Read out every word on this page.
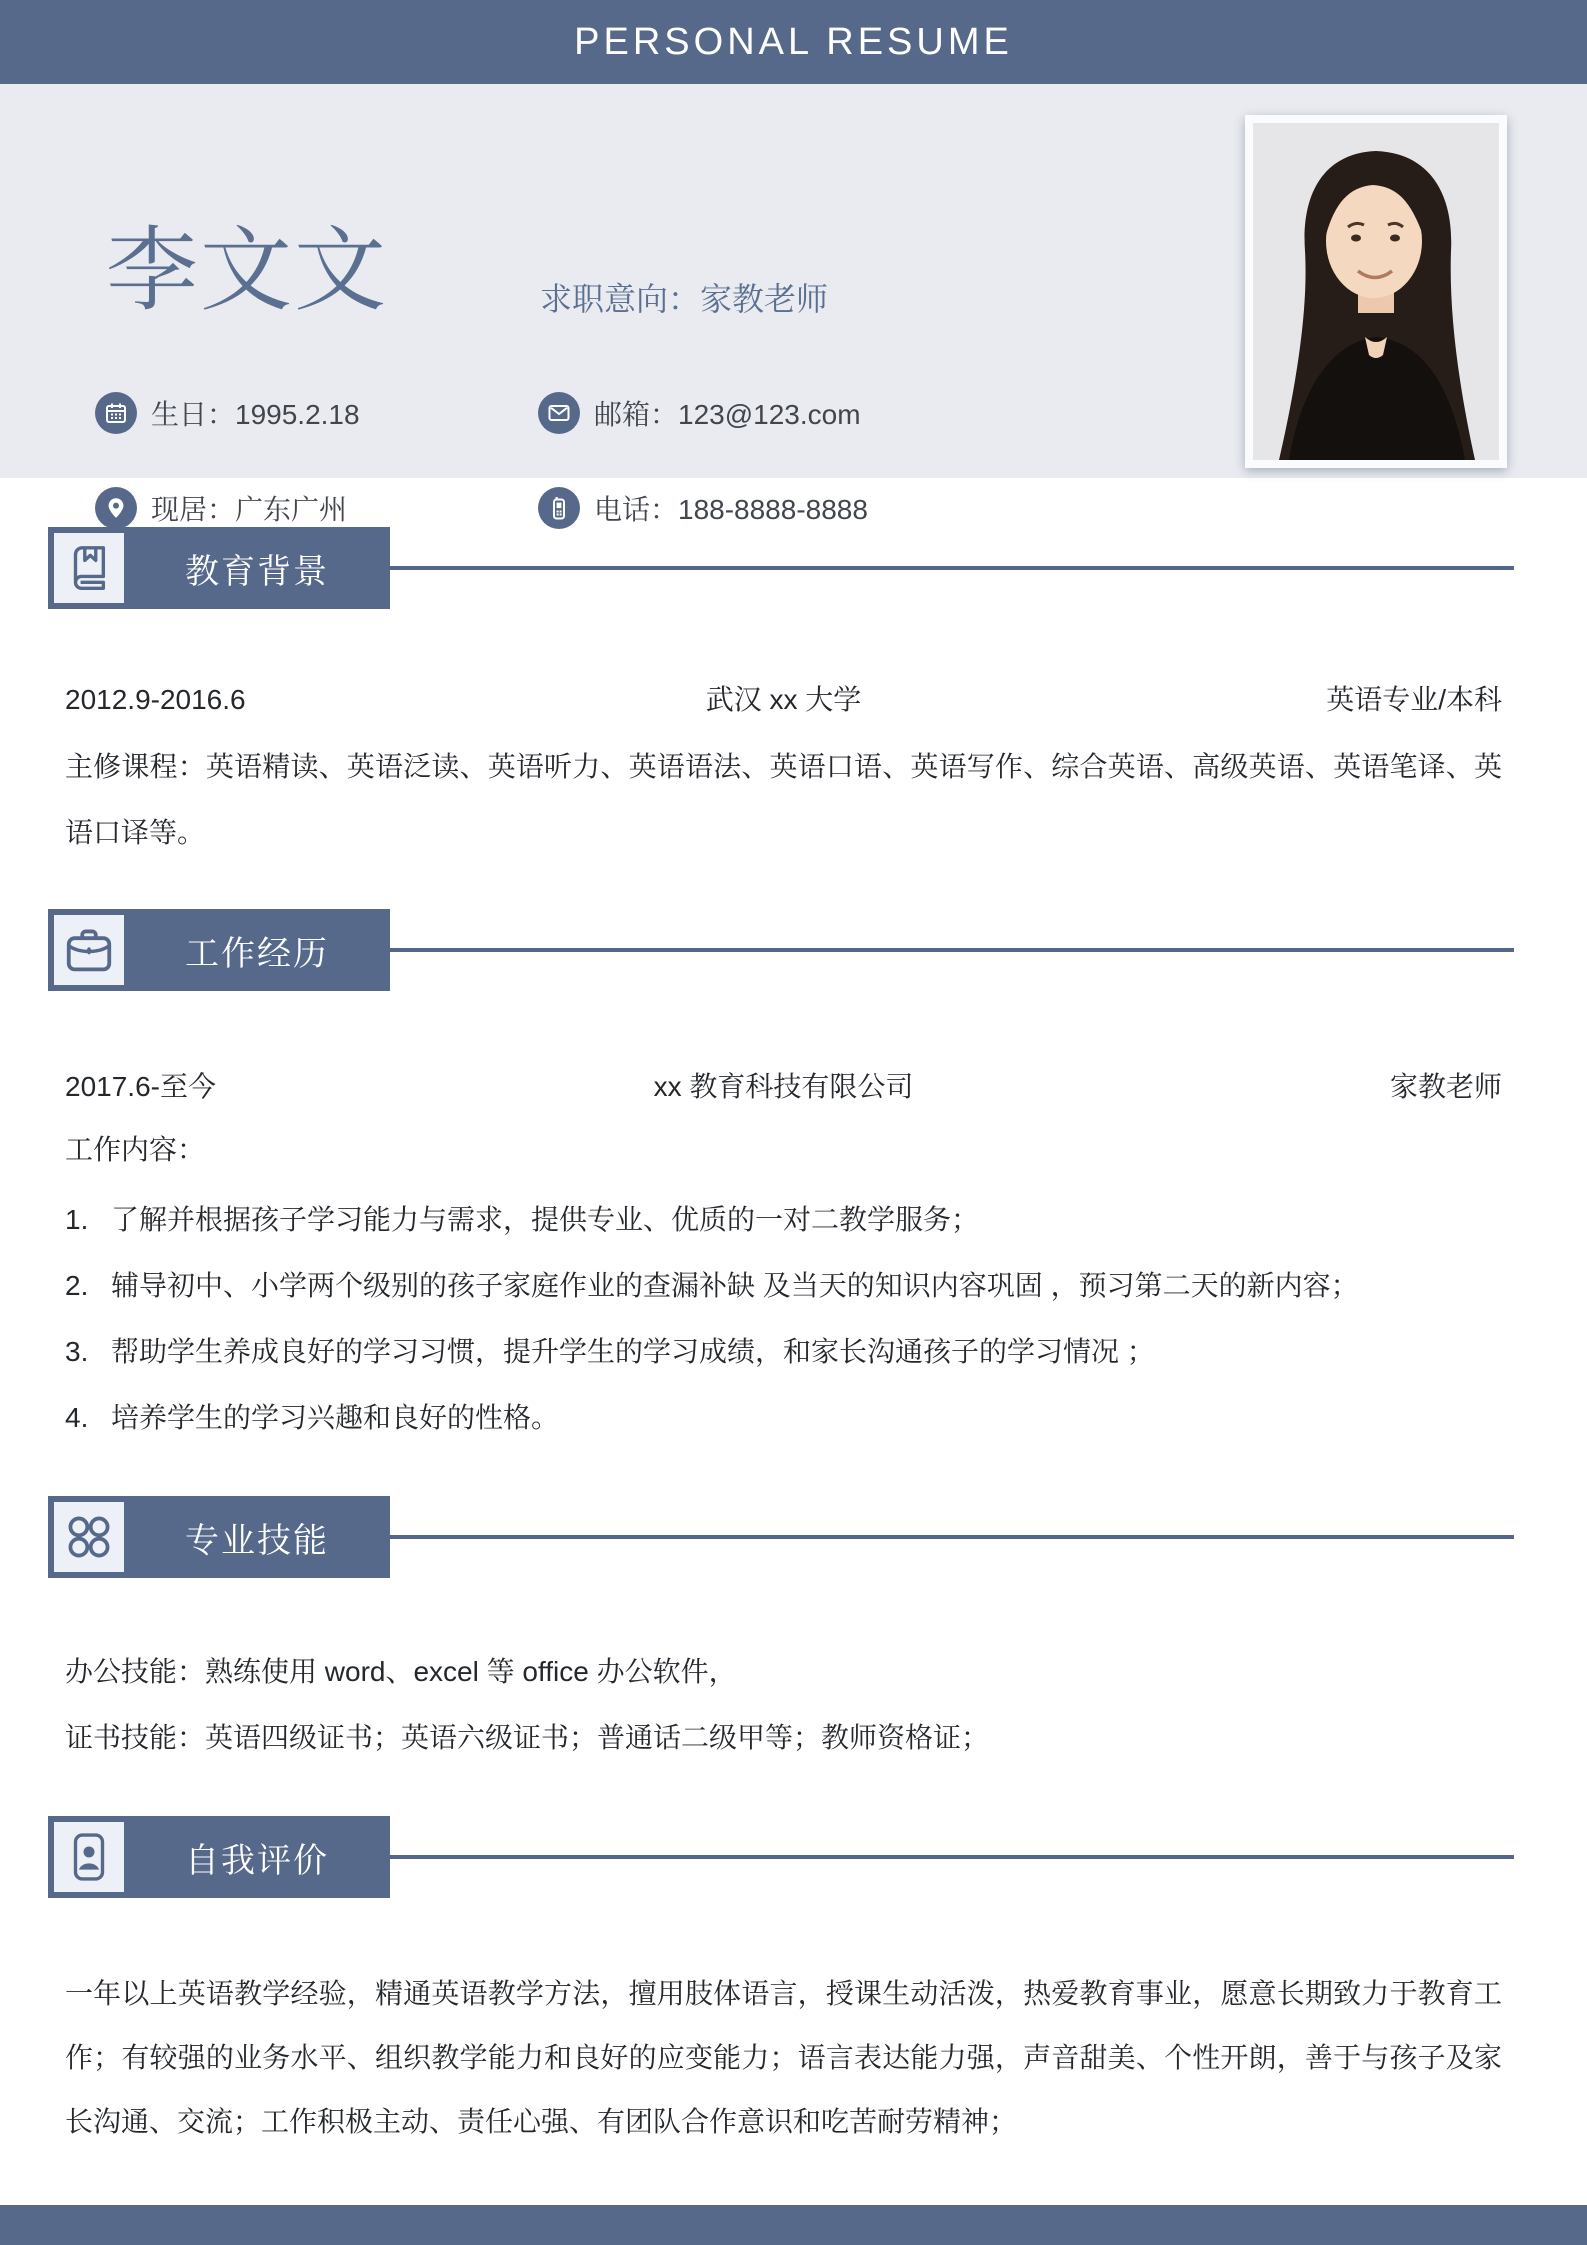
PERSONAL RESUME
李文文	求职意向：家教老师
生日：1995.2.18	邮箱：123@123.com
现居：广东广州	电话：188-8888-8888
教育背景
2012.9-2016.6	武汉 xx 大学	英语专业/本科
主修课程：英语精读、英语泛读、英语听力、英语语法、英语口语、英语写作、综合英语、高级英语、英语笔译、英语口译等。
工作经历
2017.6-至今	xx 教育科技有限公司	家教老师
工作内容：
1. 了解并根据孩子学习能力与需求，提供专业、优质的一对二教学服务；
2. 辅导初中、小学两个级别的孩子家庭作业的查漏补缺 及当天的知识内容巩固 ，预习第二天的新内容；
3. 帮助学生养成良好的学习习惯，提升学生的学习成绩，和家长沟通孩子的学习情况 ；
4. 培养学生的学习兴趣和良好的性格。
专业技能
办公技能：熟练使用 word、excel 等 office 办公软件，
证书技能：英语四级证书；英语六级证书；普通话二级甲等；教师资格证；
自我评价
一年以上英语教学经验，精通英语教学方法，擅用肢体语言，授课生动活泼，热爱教育事业，愿意长期致力于教育工作；有较强的业务水平、组织教学能力和良好的应变能力；语言表达能力强，声音甜美、个性开朗，善于与孩子及家长沟通、交流；工作积极主动、责任心强、有团队合作意识和吃苦耐劳精神；
